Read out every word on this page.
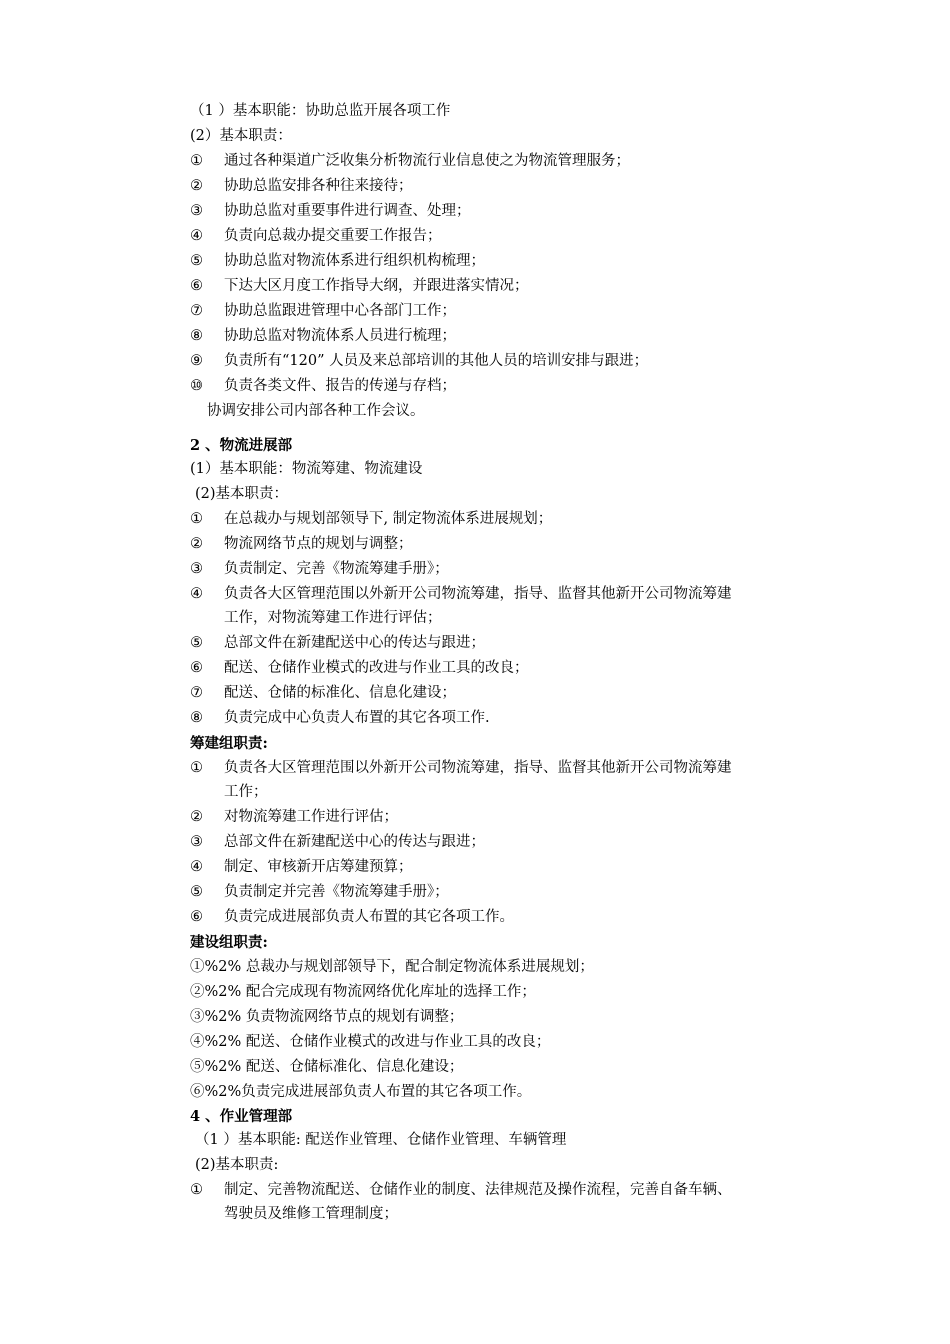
（1 ）基本职能：协助总监开展各项工作
(2）基本职责：
① 通过各种渠道广泛收集分析物流行业信息使之为物流管理服务；
② 协助总监安排各种往来接待；
③ 协助总监对重要事件进行调查、处理；
④ 负责向总裁办提交重要工作报告；
⑤ 协助总监对物流体系进行组织机构梳理；
⑥ 下达大区月度工作指导大纲，并跟进落实情况；
⑦ 协助总监跟进管理中心各部门工作；
⑧ 协助总监对物流体系人员进行梳理；
⑨ 负责所有“120” 人员及来总部培训的其他人员的培训安排与跟进；
⑩ 负责各类文件、报告的传递与存档；
协调安排公司内部各种工作会议。
2 、物流进展部
(1）基本职能：物流筹建、物流建设
(2)基本职责：
① 在总裁办与规划部领导下, 制定物流体系进展规划；
② 物流网络节点的规划与调整；
③ 负责制定、完善《物流筹建手册》；
④ 负责各大区管理范围以外新开公司物流筹建，指导、监督其他新开公司物流筹建
工作，对物流筹建工作进行评估；
⑤ 总部文件在新建配送中心的传达与跟进；
⑥ 配送、仓储作业模式的改进与作业工具的改良；
⑦ 配送、仓储的标准化、信息化建设；
⑧ 负责完成中心负责人布置的其它各项工作.
筹建组职责:
① 负责各大区管理范围以外新开公司物流筹建，指导、监督其他新开公司物流筹建
工作；
② 对物流筹建工作进行评估；
③ 总部文件在新建配送中心的传达与跟进；
④ 制定、审核新开店筹建预算；
⑤ 负责制定并完善《物流筹建手册》；
⑥ 负责完成进展部负责人布置的其它各项工作。
建设组职责:
①%2% 总裁办与规划部领导下，配合制定物流体系进展规划；
②%2% 配合完成现有物流网络优化库址的选择工作；
③%2% 负责物流网络节点的规划有调整；
④%2% 配送、仓储作业模式的改进与作业工具的改良；
⑤%2% 配送、仓储标准化、信息化建设；
⑥%2%负责完成进展部负责人布置的其它各项工作。
4 、作业管理部
（1 ）基本职能: 配送作业管理、仓储作业管理、车辆管理
(2)基本职责:
① 制定、完善物流配送、仓储作业的制度、法律规范及操作流程，完善自备车辆、
驾驶员及维修工管理制度；
